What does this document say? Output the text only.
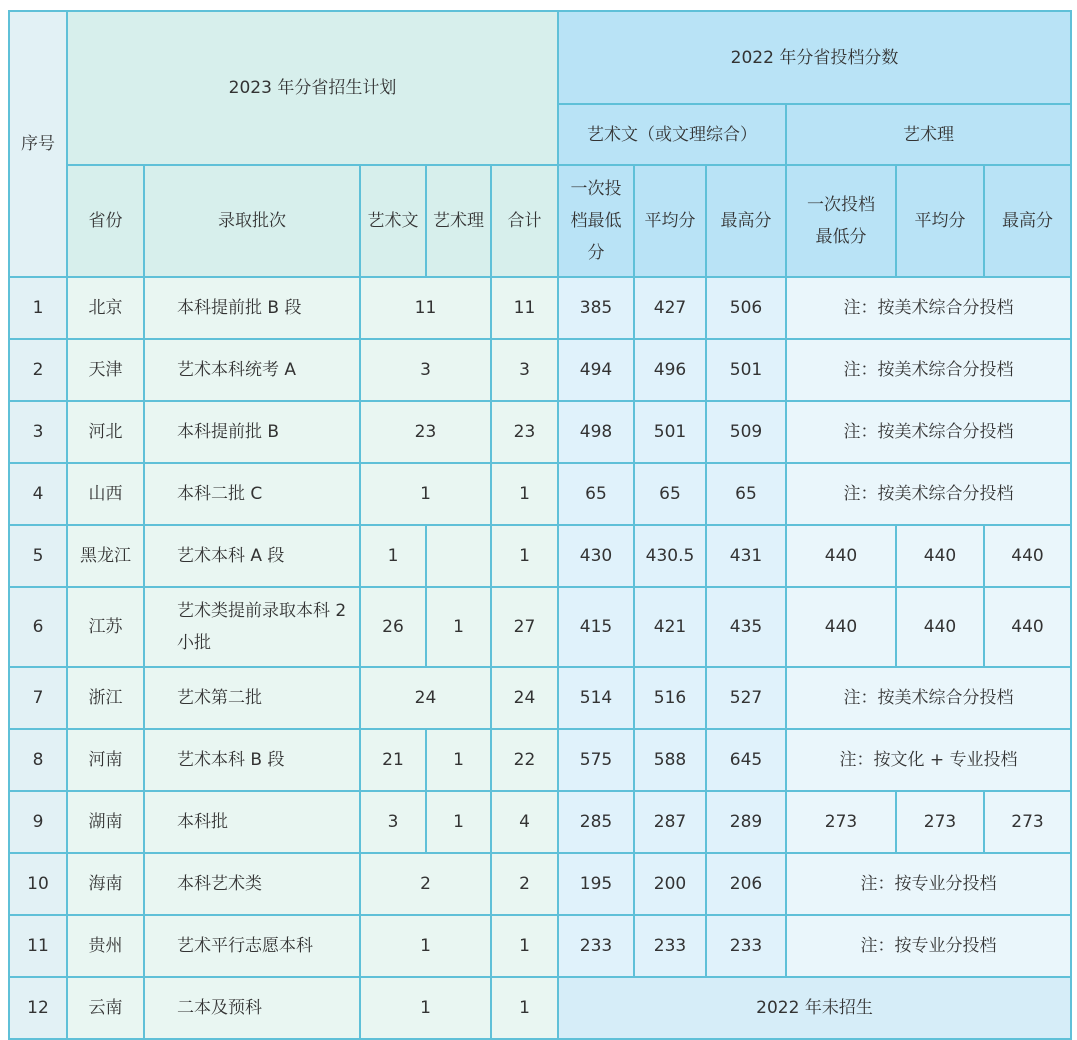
序号	2023 年分省招生计划					2022 年分省投档分数					
						艺术文（或文理综合）			艺术理		
	省份	录取批次	艺术文	艺术理	合计	一次投档最低分	平均分	最高分	一次投档最低分	平均分	最高分
1	北京	本科提前批 B 段	11		11	385	427	506	注：按美术综合分投档		
2	天津	艺术本科统考 A	3		3	494	496	501	注：按美术综合分投档		
3	河北	本科提前批 B	23		23	498	501	509	注：按美术综合分投档		
4	山西	本科二批 C	1		1	65	65	65	注：按美术综合分投档		
5	黑龙江	艺术本科 A 段	1		1	430	430.5	431	440	440	440
6	江苏	艺术类提前录取本科 2 小批	26	1	27	415	421	435	440	440	440
7	浙江	艺术第二批	24		24	514	516	527	注：按美术综合分投档		
8	河南	艺术本科 B 段	21	1	22	575	588	645	注：按文化 + 专业投档		
9	湖南	本科批	3	1	4	285	287	289	273	273	273
10	海南	本科艺术类	2		2	195	200	206	注：按专业分投档		
11	贵州	艺术平行志愿本科	1		1	233	233	233	注：按专业分投档		
12	云南	二本及预科	1		1	2022 年未招生					
